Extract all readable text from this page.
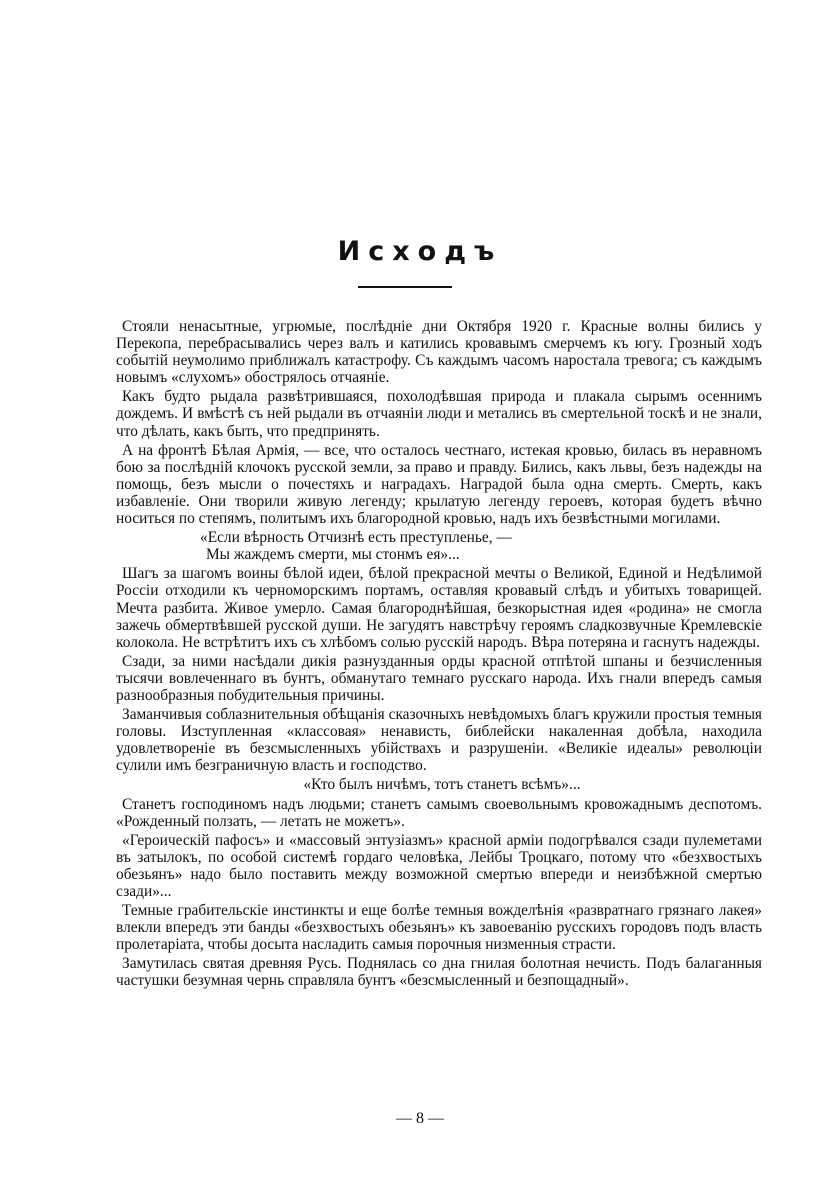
Исходъ

Стояли ненасытные, угрюмые, послѣдніе дни Октября 1920 г. Красные волны бились у Перекопа, перебрасывались через валъ и катились кровавымъ смерчемъ къ югу. Грозный ходъ событій неумолимо приближалъ катастрофу. Съ каждымъ часомъ наростала тревога; съ каждымъ новымъ «слухомъ» обострялось отчаяніе.

Какъ будто рыдала развѣтрившаяся, похолодѣвшая природа и плакала сырымъ осеннимъ дождемъ. И вмѣстѣ съ ней рыдали въ отчаяніи люди и метались въ смертельной тоскѣ и не знали, что дѣлать, какъ быть, что предпринять.

А на фронтѣ Бѣлая Армія, — все, что осталось честнаго, истекая кровью, билась въ неравномъ бою за послѣдній клочокъ русской земли, за право и правду. Бились, какъ львы, безъ надежды на помощь, безъ мысли о почестяхъ и наградахъ. Наградой была одна смерть. Смерть, какъ избавленіе. Они творили живую легенду; крылатую легенду героевъ, которая будетъ вѣчно носиться по степямъ, политымъ ихъ благородной кровью, надъ ихъ безвѣстными могилами.

«Если вѣрность Отчизнѣ есть преступленье, —
Мы жаждемъ смерти, мы стонмъ ея»...

Шагъ за шагомъ воины бѣлой идеи, бѣлой прекрасной мечты о Великой, Единой и Недѣлимой Россіи отходили къ черноморскимъ портамъ, оставляя кровавый слѣдъ и убитыхъ товарищей. Мечта разбита. Живое умерло. Самая благороднѣйшая, безкорыстная идея «родина» не смогла зажечь обмертвѣвшей русской души. Не загудятъ навстрѣчу героямъ сладкозвучные Кремлевскіе колокола. Не встрѣтитъ ихъ съ хлѣбомъ солью русскій народъ. Вѣра потеряна и гаснутъ надежды.

Сзади, за ними насѣдали дикія разнузданныя орды красной отпѣтой шпаны и безчисленныя тысячи вовлеченнаго въ бунтъ, обманутаго темнаго русскаго народа. Ихъ гнали впередъ самыя разнообразныя побудительныя причины.

Заманчивыя соблазнительныя обѣщанія сказочныхъ невѣдомыхъ благъ кружили простыя темныя головы. Изступленная «классовая» ненависть, библейски накаленная добѣла, находила удовлетвореніе въ безсмысленныхъ убійствахъ и разрушеніи. «Великіе идеалы» революціи сулили имъ безграничную власть и господство.

«Кто былъ ничѣмъ, тотъ станетъ всѣмъ»...

Станетъ господиномъ надъ людьми; станетъ самымъ своевольнымъ кровожаднымъ деспотомъ. «Рожденный ползать, — летать не можетъ».

«Героическій пафосъ» и «массовый энтузіазмъ» красной арміи подогрѣвался сзади пулеметами въ затылокъ, по особой системѣ гордаго человѣка, Лейбы Троцкаго, потому что «безхвостыхъ обезьянъ» надо было поставить между возможной смертью впереди и неизбѣжной смертью сзади»...

Темные грабительскіе инстинкты и еще болѣе темныя вожделѣнія «развратнаго грязнаго лакея» влекли впередъ эти банды «безхвостыхъ обезьянъ» къ завоеванію русскихъ городовъ подъ власть пролетаріата, чтобы досыта насладить самыя порочныя низменныя страсти.

Замутилась святая древняя Русь. Поднялась со дна гнилая болотная нечисть. Подъ балаганныя частушки безумная чернь справляла бунтъ «безсмысленный и безпощадный».

— 8 —
